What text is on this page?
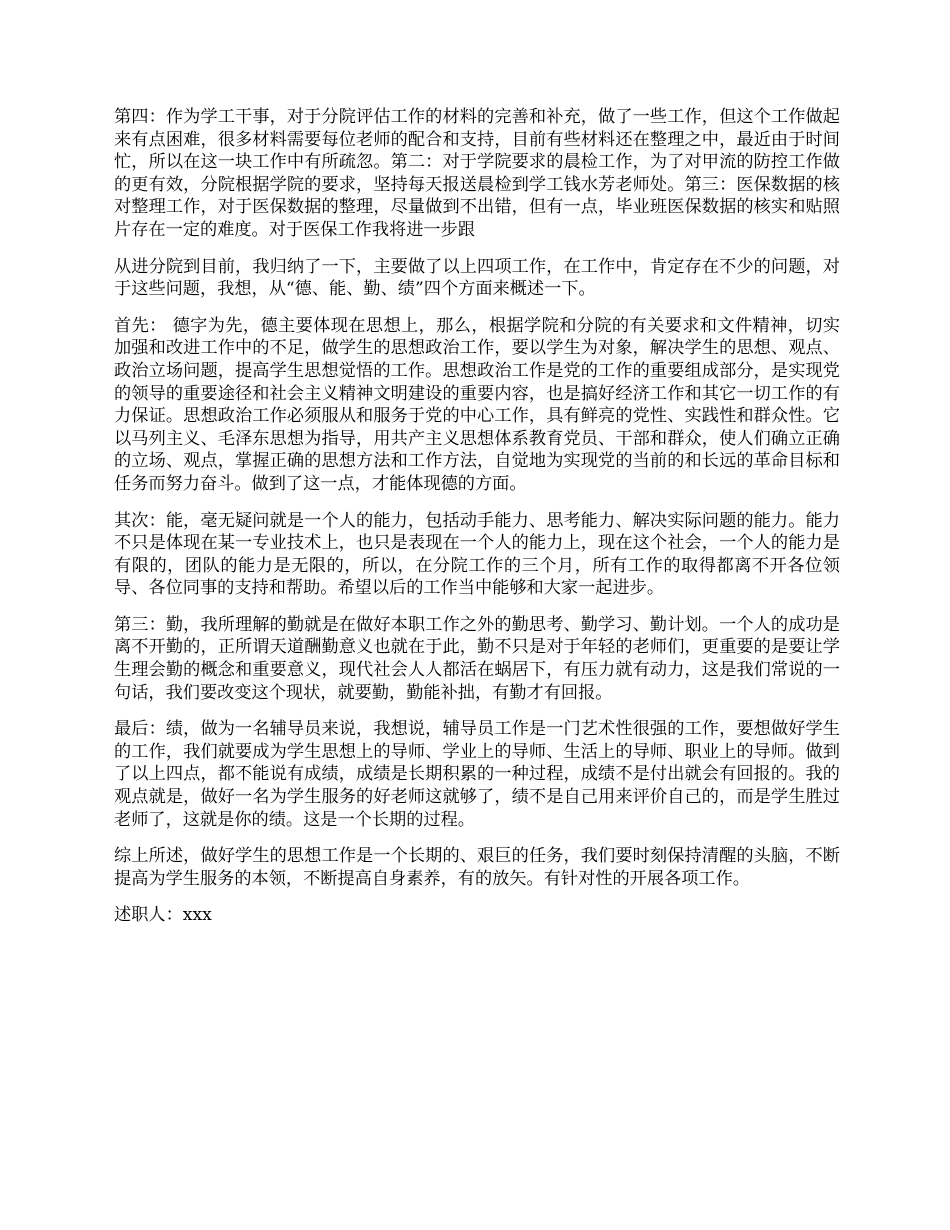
第四：作为学工干事，对于分院评估工作的材料的完善和补充，做了一些工作，但这个工作做起来有点困难，很多材料需要每位老师的配合和支持，目前有些材料还在整理之中，最近由于时间忙，所以在这一块工作中有所疏忽。第二：对于学院要求的晨检工作，为了对甲流的防控工作做的更有效，分院根据学院的要求，坚持每天报送晨检到学工钱水芳老师处。第三：医保数据的核对整理工作，对于医保数据的整理，尽量做到不出错，但有一点，毕业班医保数据的核实和贴照片存在一定的难度。对于医保工作我将进一步跟

从进分院到目前，我归纳了一下，主要做了以上四项工作，在工作中，肯定存在不少的问题，对于这些问题，我想，从“德、能、勤、绩”四个方面来概述一下。

首先： 德字为先，德主要体现在思想上，那么，根据学院和分院的有关要求和文件精神，切实加强和改进工作中的不足，做学生的思想政治工作，要以学生为对象，解决学生的思想、观点、政治立场问题，提高学生思想觉悟的工作。思想政治工作是党的工作的重要组成部分，是实现党的领导的重要途径和社会主义精神文明建设的重要内容，也是搞好经济工作和其它一切工作的有力保证。思想政治工作必须服从和服务于党的中心工作，具有鲜亮的党性、实践性和群众性。它以马列主义、毛泽东思想为指导，用共产主义思想体系教育党员、干部和群众，使人们确立正确的立场、观点，掌握正确的思想方法和工作方法，自觉地为实现党的当前的和长远的革命目标和任务而努力奋斗。做到了这一点，才能体现德的方面。

其次：能，毫无疑问就是一个人的能力，包括动手能力、思考能力、解决实际问题的能力。能力不只是体现在某一专业技术上，也只是表现在一个人的能力上，现在这个社会，一个人的能力是有限的，团队的能力是无限的，所以，在分院工作的三个月，所有工作的取得都离不开各位领导、各位同事的支持和帮助。希望以后的工作当中能够和大家一起进步。

第三：勤，我所理解的勤就是在做好本职工作之外的勤思考、勤学习、勤计划。一个人的成功是离不开勤的，正所谓天道酬勤意义也就在于此，勤不只是对于年轻的老师们，更重要的是要让学生理会勤的概念和重要意义，现代社会人人都活在蜗居下，有压力就有动力，这是我们常说的一句话，我们要改变这个现状，就要勤，勤能补拙，有勤才有回报。

最后：绩，做为一名辅导员来说，我想说，辅导员工作是一门艺术性很强的工作，要想做好学生的工作，我们就要成为学生思想上的导师、学业上的导师、生活上的导师、职业上的导师。做到了以上四点，都不能说有成绩，成绩是长期积累的一种过程，成绩不是付出就会有回报的。我的观点就是，做好一名为学生服务的好老师这就够了，绩不是自己用来评价自己的，而是学生胜过老师了，这就是你的绩。这是一个长期的过程。

综上所述，做好学生的思想工作是一个长期的、艰巨的任务，我们要时刻保持清醒的头脑，不断提高为学生服务的本领，不断提高自身素养，有的放矢。有针对性的开展各项工作。

述职人：xxx
